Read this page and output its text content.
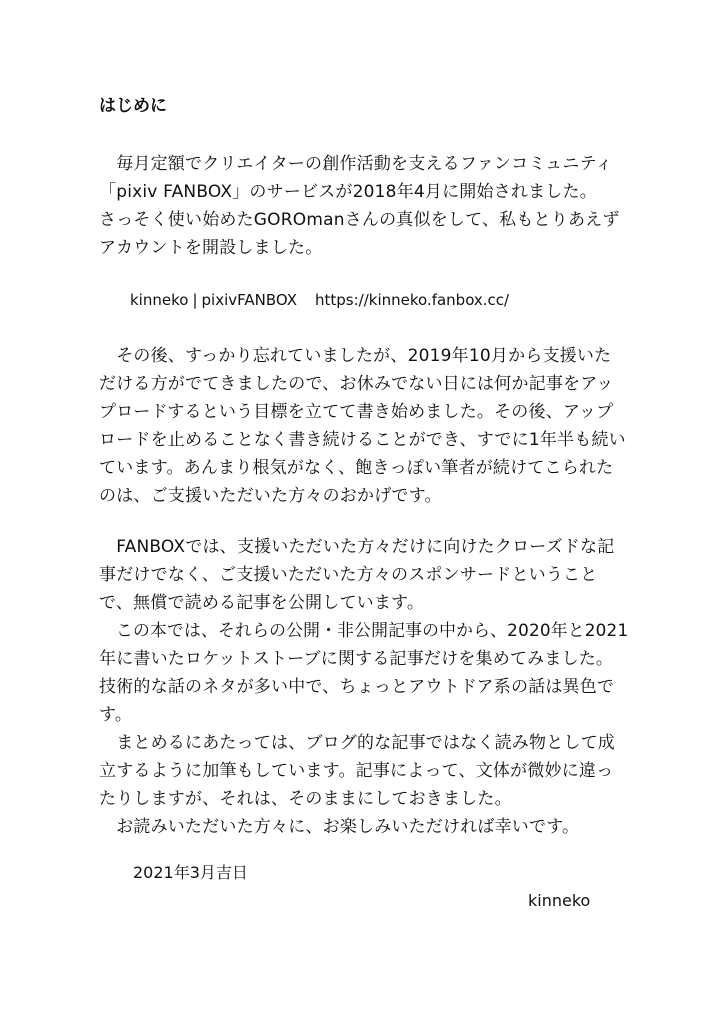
はじめに
　毎月定額でクリエイターの創作活動を支えるファンコミュニティ
「pixiv FANBOX」のサービスが2018年4月に開始されました。
さっそく使い始めたGOROmanさんの真似をして、私もとりあえず
アカウントを開設しました。
kinneko | pixivFANBOX https://kinneko.fanbox.cc/
　その後、すっかり忘れていましたが、2019年10月から支援いた
だける方がでてきましたので、お休みでない日には何か記事をアッ
プロードするという目標を立てて書き始めました。その後、アップ
ロードを止めることなく書き続けることができ、すでに1年半も続い
ています。あんまり根気がなく、飽きっぽい筆者が続けてこられた
のは、ご支援いただいた方々のおかげです。
　FANBOXでは、支援いただいた方々だけに向けたクローズドな記
事だけでなく、ご支援いただいた方々のスポンサードということ
で、無償で読める記事を公開しています。
　この本では、それらの公開・非公開記事の中から、2020年と2021
年に書いたロケットストーブに関する記事だけを集めてみました。
技術的な話のネタが多い中で、ちょっとアウトドア系の話は異色で
す。
　まとめるにあたっては、ブログ的な記事ではなく読み物として成
立するように加筆もしています。記事によって、文体が微妙に違っ
たりしますが、それは、そのままにしておきました。
　お読みいただいた方々に、お楽しみいただければ幸いです。
2021年3月吉日
kinneko
